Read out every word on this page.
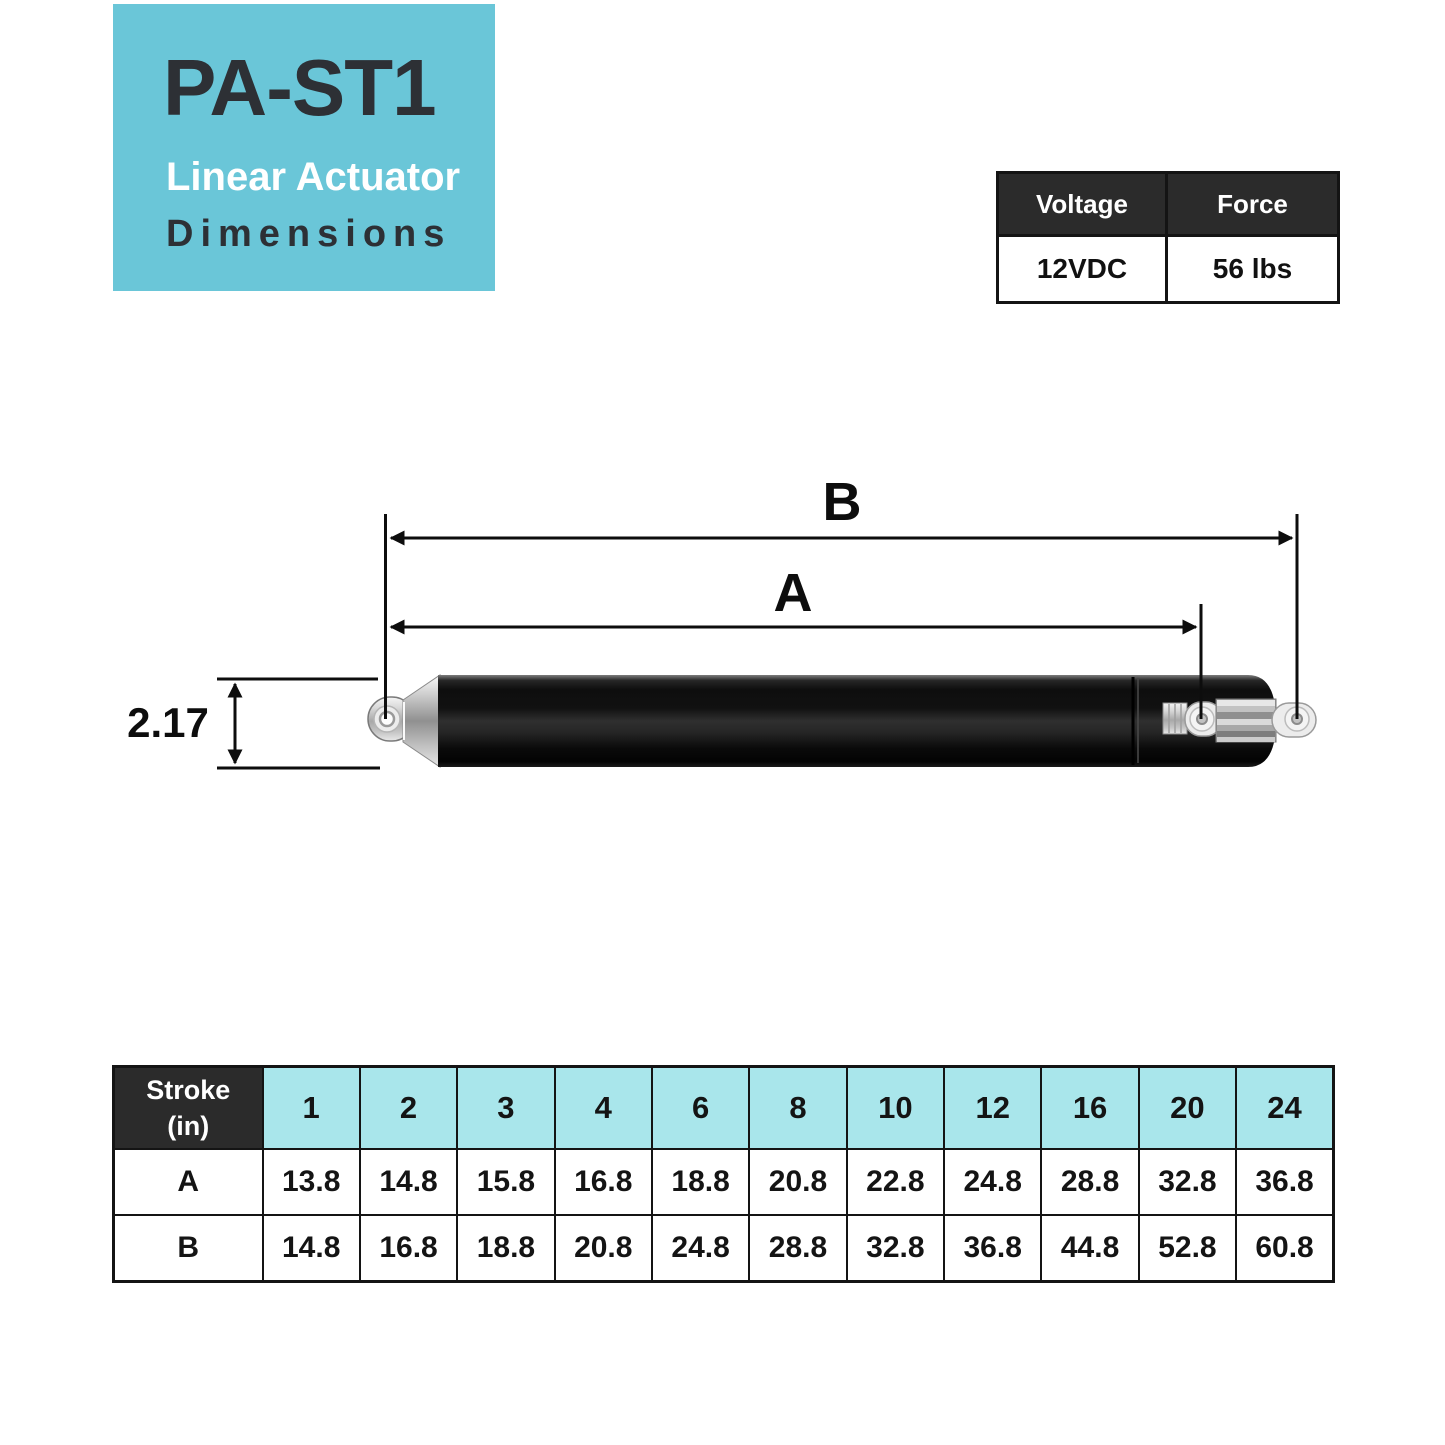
PA-ST1
Linear Actuator
Dimensions
Voltage	Force
12VDC	56 lbs
B
A
2.17
Stroke
(in)	1	2	3	4	6	8	10	12	16	20	24
A	13.8	14.8	15.8	16.8	18.8	20.8	22.8	24.8	28.8	32.8	36.8
B	14.8	16.8	18.8	20.8	24.8	28.8	32.8	36.8	44.8	52.8	60.8
